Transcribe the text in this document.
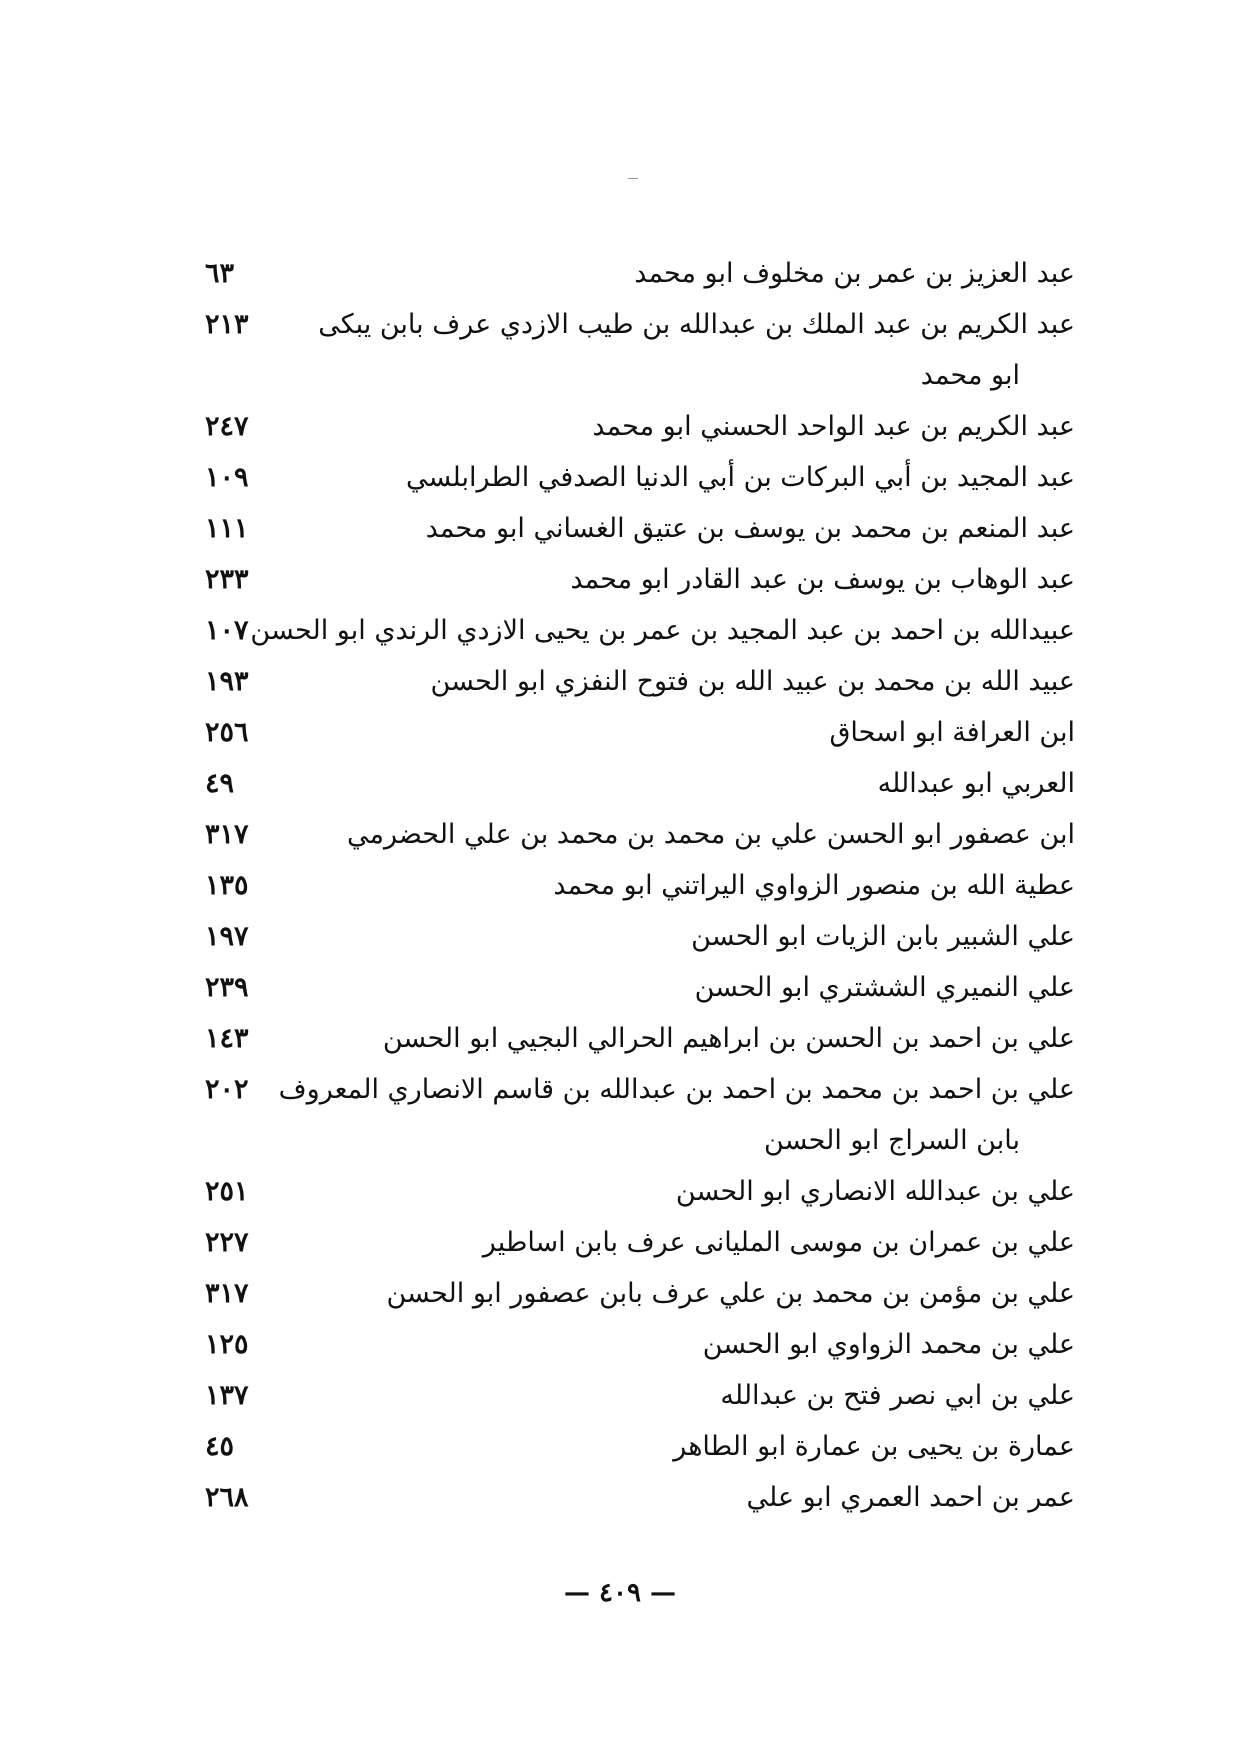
عبد العزيز بن عمر بن مخلوف ابو محمد
٦٣
عبد الكريم بن عبد الملك بن عبدالله بن طيب الازدي عرف بابن يبكى
ابو محمد
٢١٣
عبد الكريم بن عبد الواحد الحسني ابو محمد
٢٤٧
عبد المجيد بن أبي البركات بن أبي الدنيا الصدفي الطرابلسي
١٠٩
عبد المنعم بن محمد بن يوسف بن عتيق الغساني ابو محمد
١١١
عبد الوهاب بن يوسف بن عبد القادر ابو محمد
٢٣٣
عبيدالله بن احمد بن عبد المجيد بن عمر بن يحيى الازدي الرندي ابو الحسن
١٠٧
عبيد الله بن محمد بن عبيد الله بن فتوح النفزي ابو الحسن
١٩٣
ابن العرافة ابو اسحاق
٢٥٦
العربي ابو عبدالله
٤٩
ابن عصفور ابو الحسن علي بن محمد بن محمد بن علي الحضرمي
٣١٧
عطية الله بن منصور الزواوي اليراتني ابو محمد
١٣٥
علي الشبير بابن الزيات ابو الحسن
١٩٧
علي النميري الششتري ابو الحسن
٢٣٩
علي بن احمد بن الحسن بن ابراهيم الحرالي البجيي ابو الحسن
١٤٣
علي بن احمد بن محمد بن احمد بن عبدالله بن قاسم الانصاري المعروف
بابن السراج ابو الحسن
٢٠٢
علي بن عبدالله الانصاري ابو الحسن
٢٥١
علي بن عمران بن موسى المليانى عرف بابن اساطير
٢٢٧
علي بن مؤمن بن محمد بن علي عرف بابن عصفور ابو الحسن
٣١٧
علي بن محمد الزواوي ابو الحسن
١٢٥
علي بن ابي نصر فتح بن عبدالله
١٣٧
عمارة بن يحيى بن عمارة ابو الطاهر
٤٥
عمر بن احمد العمري ابو علي
٢٦٨
— ٤٠٩ —
